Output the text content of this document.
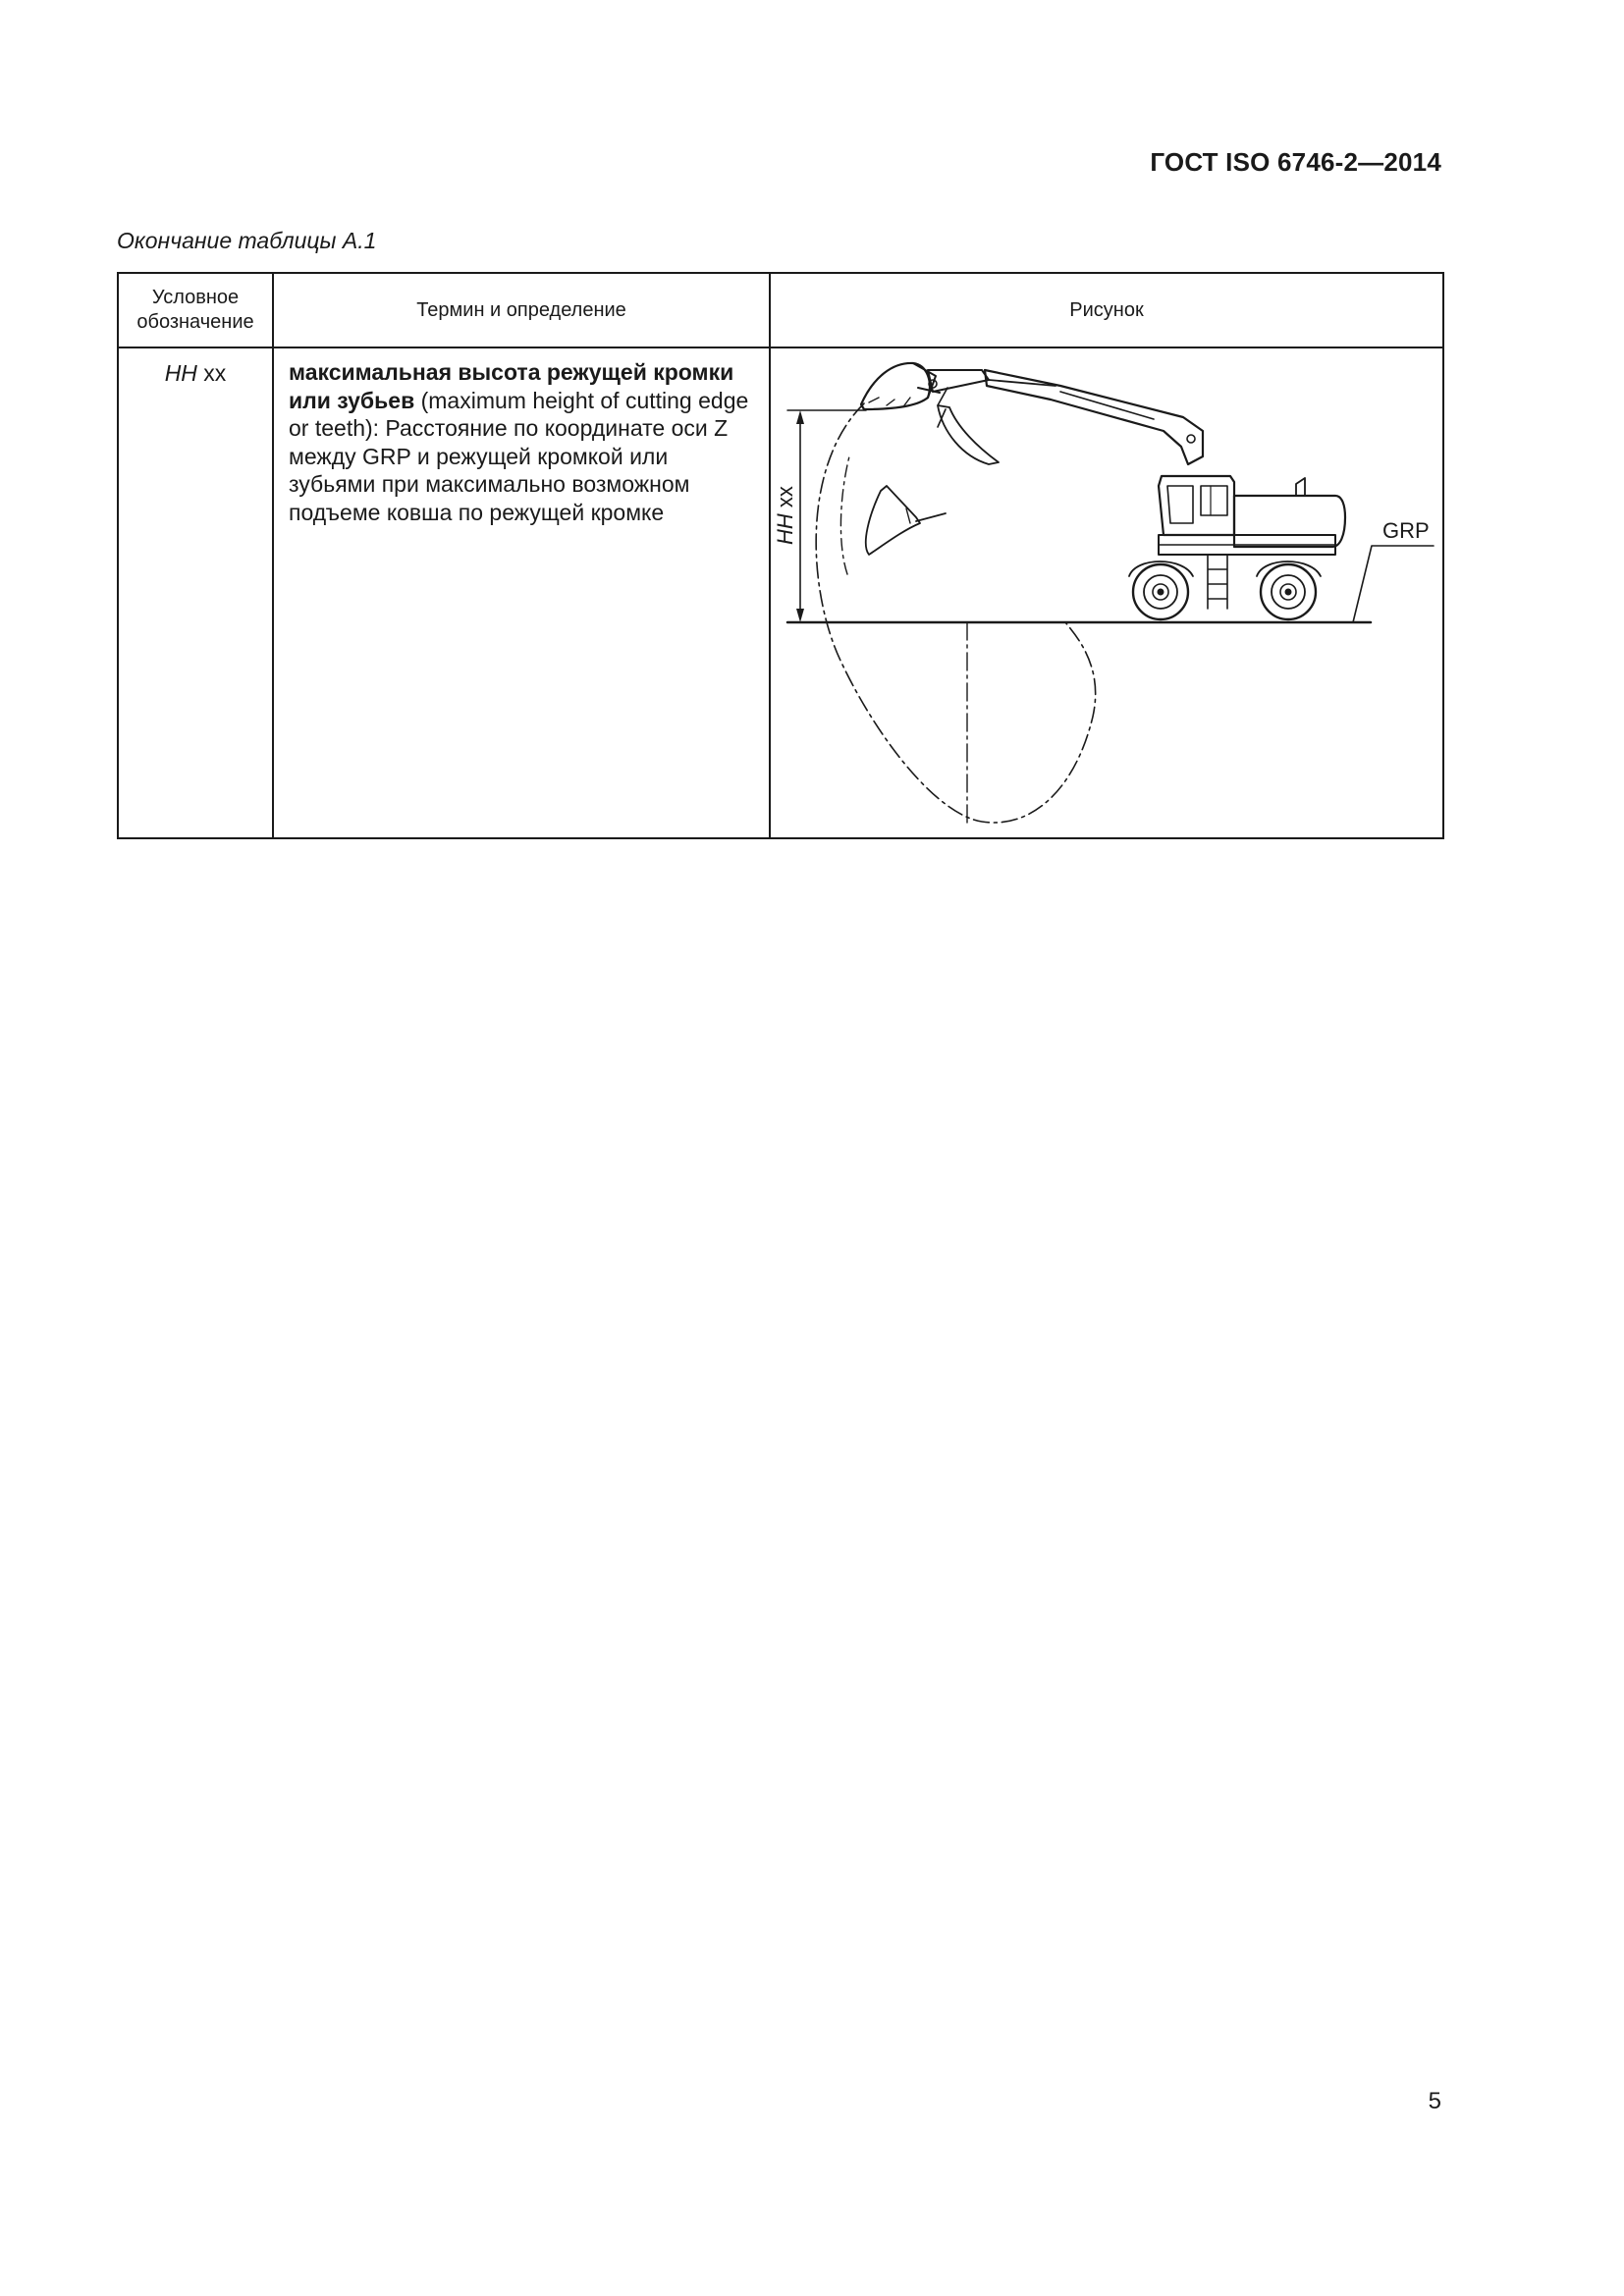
ГОСТ ISO 6746-2—2014
Окончание таблицы А.1
Условное
обозначение	Термин и определение	Рисунок
HH xx	максимальная высота режущей кромки или зубьев (maximum height of cutting edge or teeth): Расстояние по координате оси Z между GRP и режущей кромкой или зубьями при максимально возможном подъеме ковша по режущей кромке	HH xx
GRP
5
